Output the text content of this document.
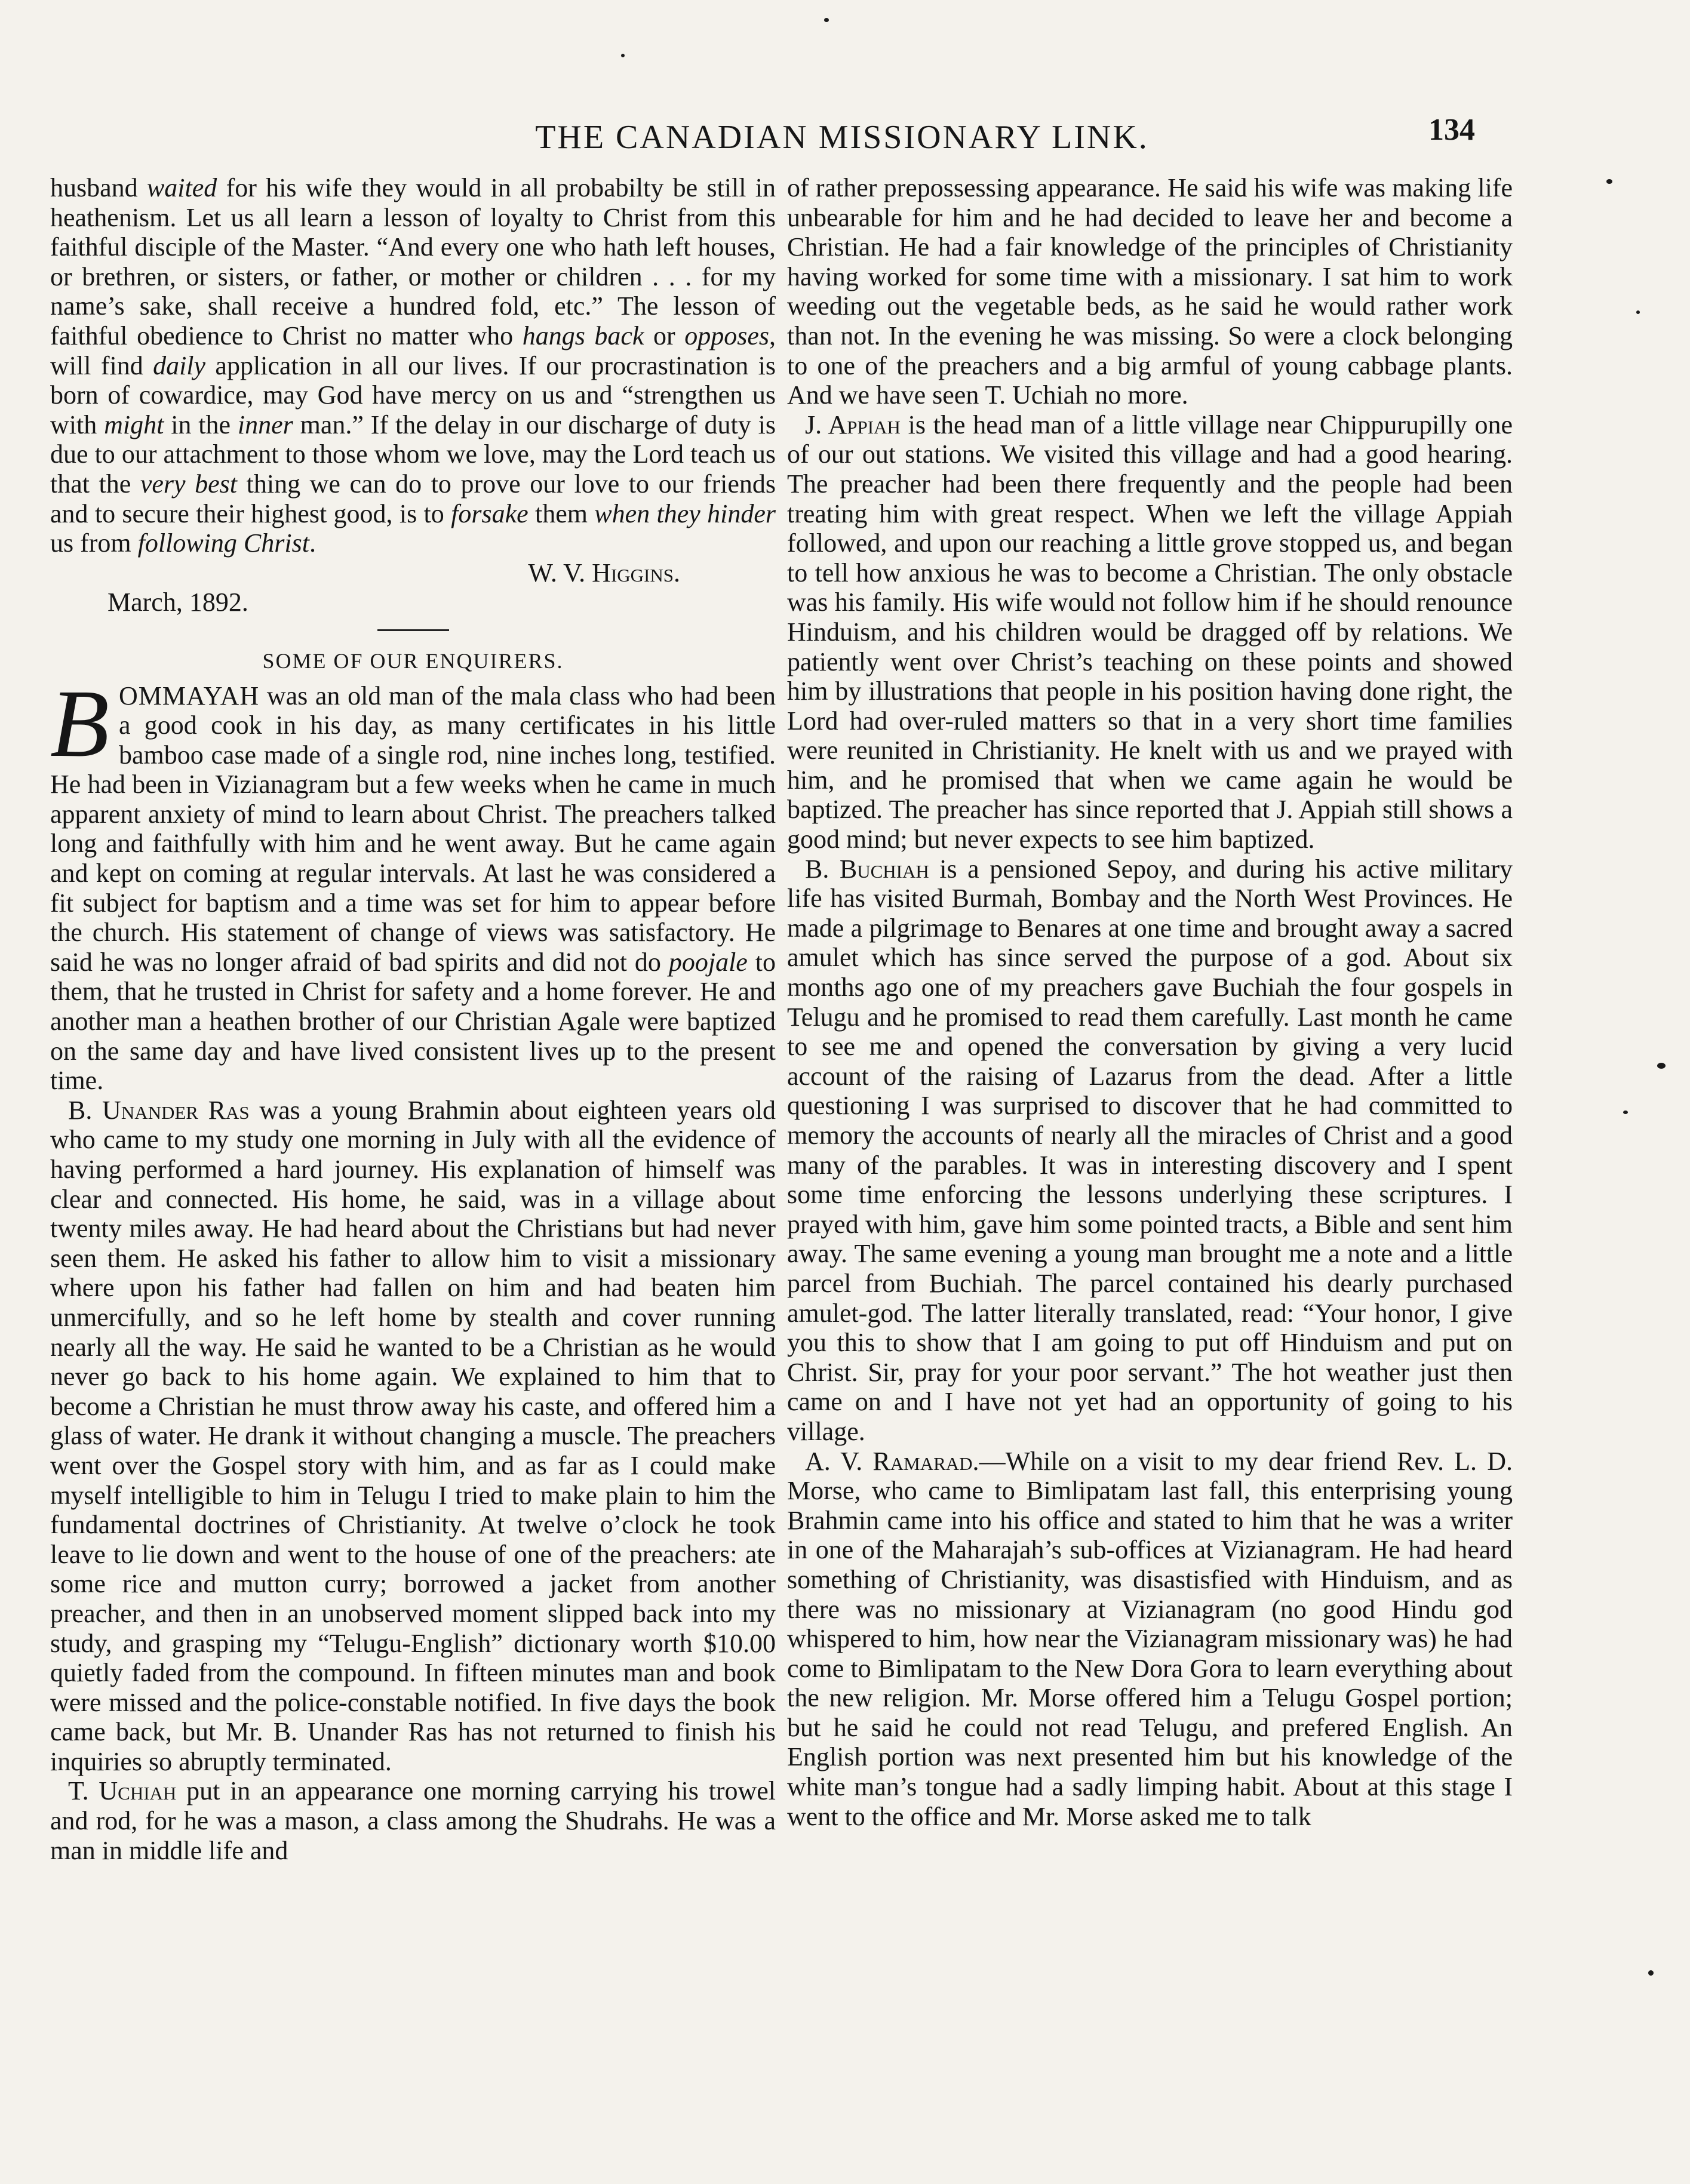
THE CANADIAN MISSIONARY LINK.	134

husband waited for his wife they would in all probabilty be still in heathenism. Let us all learn a lesson of loyalty to Christ from this faithful disciple of the Master. “And every one who hath left houses, or brethren, or sisters, or father, or mother or children . . . for my name’s sake, shall receive a hundred fold, etc.” The lesson of faithful obedience to Christ no matter who hangs back or opposes, will find daily application in all our lives. If our procrastination is born of cowardice, may God have mercy on us and “strengthen us with might in the inner man.” If the delay in our discharge of duty is due to our attachment to those whom we love, may the Lord teach us that the very best thing we can do to prove our love to our friends and to secure their highest good, is to forsake them when they hinder us from following Christ.

W. V. Higgins.

March, 1892.

SOME OF OUR ENQUIRERS.

BOMMAYAH was an old man of the mala class who had been a good cook in his day, as many certificates in his little bamboo case made of a single rod, nine inches long, testified. He had been in Vizianagram but a few weeks when he came in much apparent anxiety of mind to learn about Christ. The preachers talked long and faithfully with him and he went away. But he came again and kept on coming at regular intervals. At last he was considered a fit subject for baptism and a time was set for him to appear before the church. His statement of change of views was satisfactory. He said he was no longer afraid of bad spirits and did not do poojale to them, that he trusted in Christ for safety and a home forever. He and another man a heathen brother of our Christian Agale were baptized on the same day and have lived consistent lives up to the present time.

B. Unander Ras was a young Brahmin about eighteen years old who came to my study one morning in July with all the evidence of having performed a hard journey. His explanation of himself was clear and connected. His home, he said, was in a village about twenty miles away. He had heard about the Christians but had never seen them. He asked his father to allow him to visit a missionary where upon his father had fallen on him and had beaten him unmercifully, and so he left home by stealth and cover running nearly all the way. He said he wanted to be a Christian as he would never go back to his home again. We explained to him that to become a Christian he must throw away his caste, and offered him a glass of water. He drank it without changing a muscle. The preachers went over the Gospel story with him, and as far as I could make myself intelligible to him in Telugu I tried to make plain to him the fundamental doctrines of Christianity. At twelve o’clock he took leave to lie down and went to the house of one of the preachers: ate some rice and mutton curry; borrowed a jacket from another preacher, and then in an unobserved moment slipped back into my study, and grasping my “Telugu-English” dictionary worth $10.00 quietly faded from the compound. In fifteen minutes man and book were missed and the police-constable notified. In five days the book came back, but Mr. B. Unander Ras has not returned to finish his inquiries so abruptly terminated.

T. Uchiah put in an appearance one morning carrying his trowel and rod, for he was a mason, a class among the Shudrahs. He was a man in middle life and

of rather prepossessing appearance. He said his wife was making life unbearable for him and he had decided to leave her and become a Christian. He had a fair knowledge of the principles of Christianity having worked for some time with a missionary. I sat him to work weeding out the vegetable beds, as he said he would rather work than not. In the evening he was missing. So were a clock belonging to one of the preachers and a big armful of young cabbage plants. And we have seen T. Uchiah no more.

J. Appiah is the head man of a little village near Chippurupilly one of our out stations. We visited this village and had a good hearing. The preacher had been there frequently and the people had been treating him with great respect. When we left the village Appiah followed, and upon our reaching a little grove stopped us, and began to tell how anxious he was to become a Christian. The only obstacle was his family. His wife would not follow him if he should renounce Hinduism, and his children would be dragged off by relations. We patiently went over Christ’s teaching on these points and showed him by illustrations that people in his position having done right, the Lord had over-ruled matters so that in a very short time families were reunited in Christianity. He knelt with us and we prayed with him, and he promised that when we came again he would be baptized. The preacher has since reported that J. Appiah still shows a good mind; but never expects to see him baptized.

B. Buchiah is a pensioned Sepoy, and during his active military life has visited Burmah, Bombay and the North West Provinces. He made a pilgrimage to Benares at one time and brought away a sacred amulet which has since served the purpose of a god. About six months ago one of my preachers gave Buchiah the four gospels in Telugu and he promised to read them carefully. Last month he came to see me and opened the conversation by giving a very lucid account of the raising of Lazarus from the dead. After a little questioning I was surprised to discover that he had committed to memory the accounts of nearly all the miracles of Christ and a good many of the parables. It was in interesting discovery and I spent some time enforcing the lessons underlying these scriptures. I prayed with him, gave him some pointed tracts, a Bible and sent him away. The same evening a young man brought me a note and a little parcel from Buchiah. The parcel contained his dearly purchased amulet-god. The latter literally translated, read: “Your honor, I give you this to show that I am going to put off Hinduism and put on Christ. Sir, pray for your poor servant.” The hot weather just then came on and I have not yet had an opportunity of going to his village.

A. V. Ramarad.—While on a visit to my dear friend Rev. L. D. Morse, who came to Bimlipatam last fall, this enterprising young Brahmin came into his office and stated to him that he was a writer in one of the Maharajah’s sub-offices at Vizianagram. He had heard something of Christianity, was disastisfied with Hinduism, and as there was no missionary at Vizianagram (no good Hindu god whispered to him, how near the Vizianagram missionary was) he had come to Bimlipatam to the New Dora Gora to learn everything about the new religion. Mr. Morse offered him a Telugu Gospel portion; but he said he could not read Telugu, and prefered English. An English portion was next presented him but his knowledge of the white man’s tongue had a sadly limping habit. About at this stage I went to the office and Mr. Morse asked me to talk
